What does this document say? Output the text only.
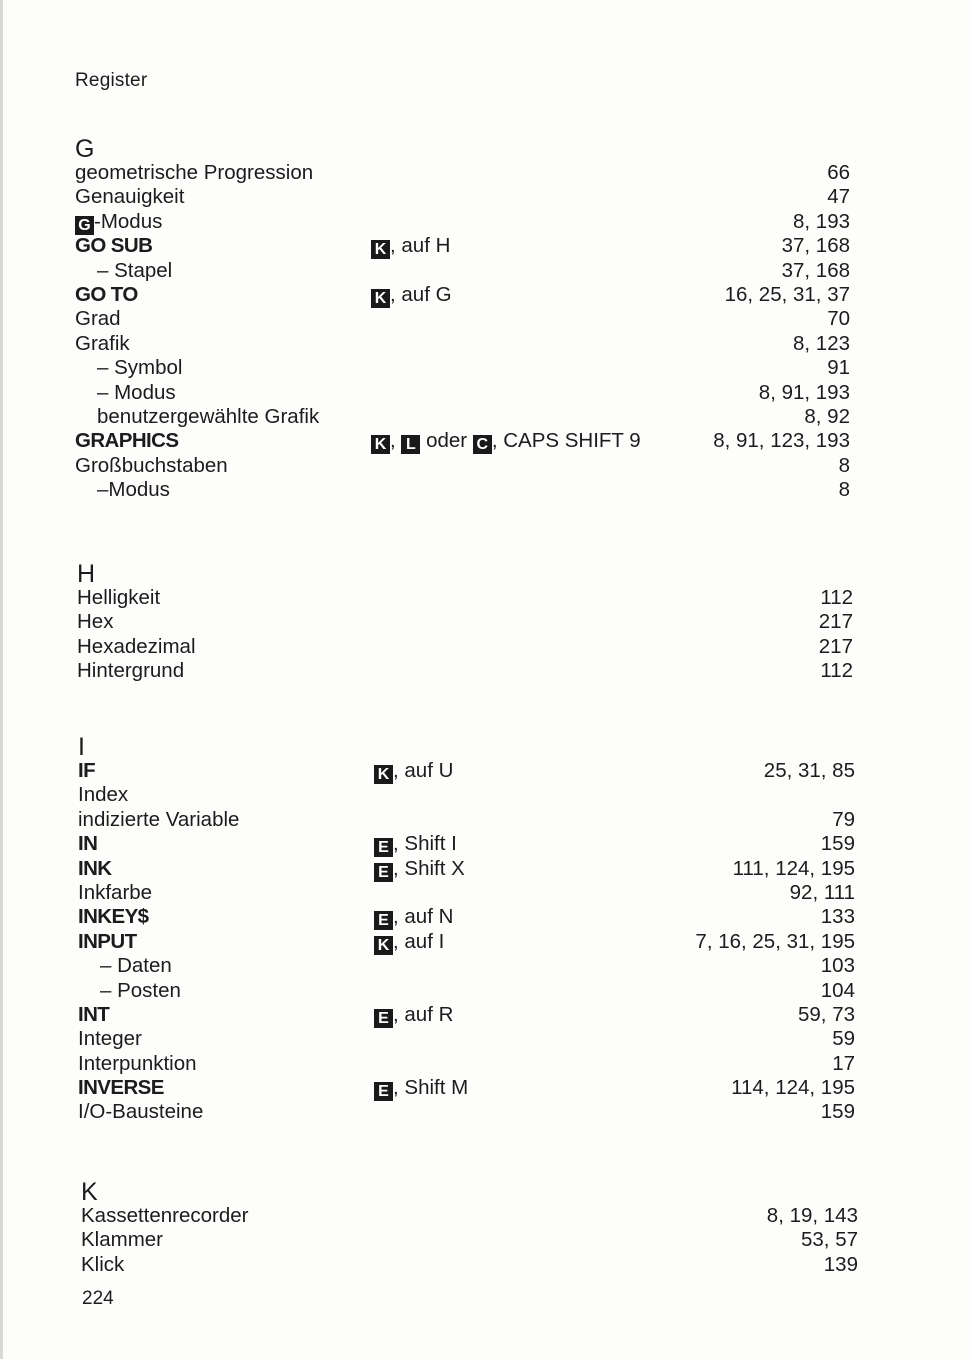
Register
G
geometrische Progression	66
Genauigkeit	47
G -Modus	8, 193
GO SUB	K , auf H	37, 168
– Stapel	37, 168
GO TO	K , auf G	16, 25, 31, 37
Grad	70
Grafik	8, 123
– Symbol	91
– Modus	8, 91, 193
benutzergewählte Grafik	8, 92
GRAPHICS	K , L oder C , CAPS SHIFT 9	8, 91, 123, 193
Großbuchstaben	8
–Modus	8
H
Helligkeit	112
Hex	217
Hexadezimal	217
Hintergrund	112
I
IF	K , auf U	25, 31, 85
Index
indizierte Variable	79
IN	E , Shift I	159
INK	E , Shift X	111, 124, 195
Inkfarbe	92, 111
INKEY$	E , auf N	133
INPUT	K , auf I	7, 16, 25, 31, 195
– Daten	103
– Posten	104
INT	E , auf R	59, 73
Integer	59
Interpunktion	17
INVERSE	E , Shift M	114, 124, 195
I/O-Bausteine	159
K
Kassettenrecorder	8, 19, 143
Klammer	53, 57
Klick	139
224
